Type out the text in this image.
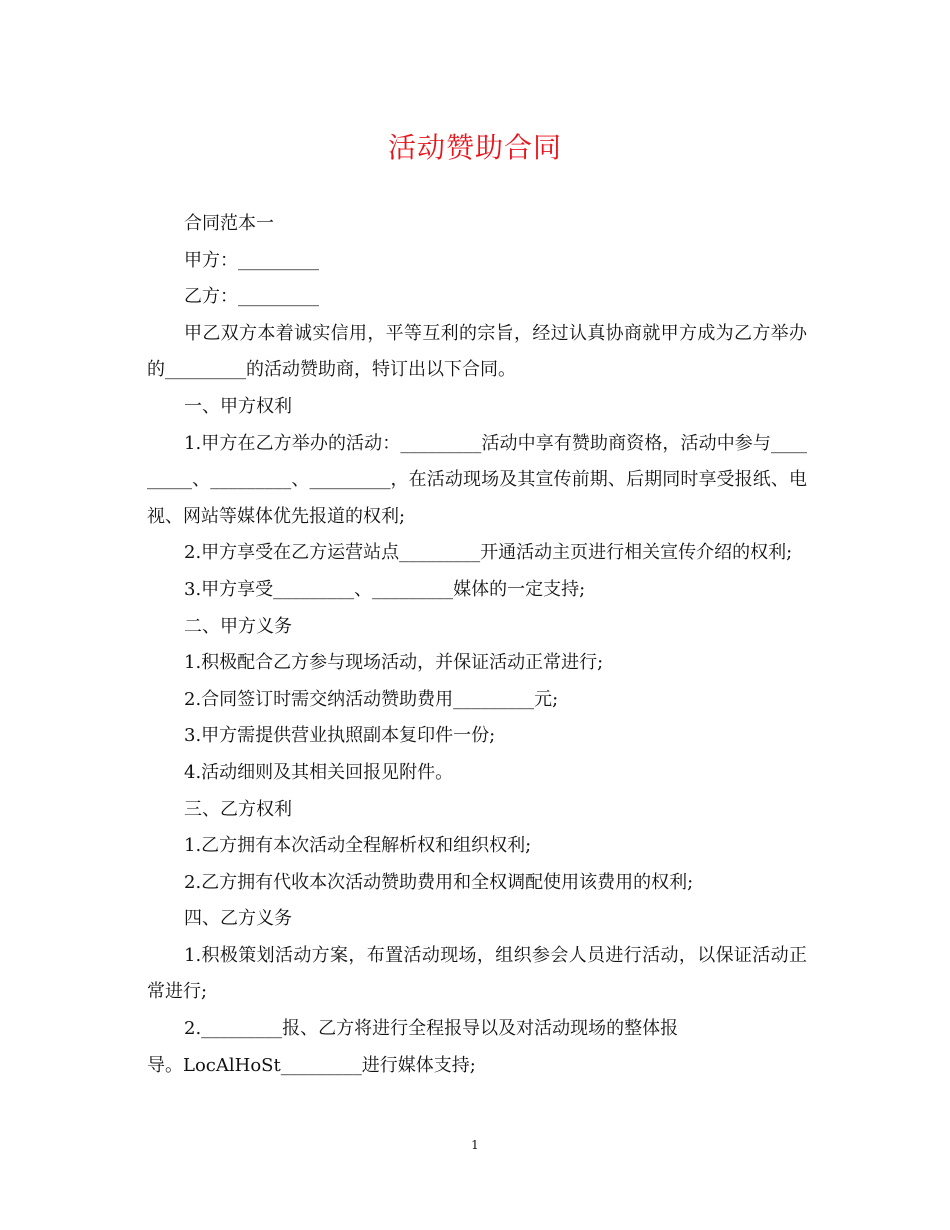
活动赞助合同

合同范本一

甲方：_________

乙方：_________

甲乙双方本着诚实信用，平等互利的宗旨，经过认真协商就甲方成为乙方举办的_________的活动赞助商，特订出以下合同。

一、甲方权利

1.甲方在乙方举办的活动：_________活动中享有赞助商资格，活动中参与_________、_________、_________，在活动现场及其宣传前期、后期同时享受报纸、电视、网站等媒体优先报道的权利;

2.甲方享受在乙方运营站点_________开通活动主页进行相关宣传介绍的权利;

3.甲方享受_________、_________媒体的一定支持;

二、甲方义务

1.积极配合乙方参与现场活动，并保证活动正常进行;

2.合同签订时需交纳活动赞助费用_________元;

3.甲方需提供营业执照副本复印件一份;

4.活动细则及其相关回报见附件。

三、乙方权利

1.乙方拥有本次活动全程解析权和组织权利;

2.乙方拥有代收本次活动赞助费用和全权调配使用该费用的权利;

四、乙方义务

1.积极策划活动方案，布置活动现场，组织参会人员进行活动，以保证活动正常进行;

2._________报、乙方将进行全程报导以及对活动现场的整体报

导。LocAlHoSt_________进行媒体支持;

1
